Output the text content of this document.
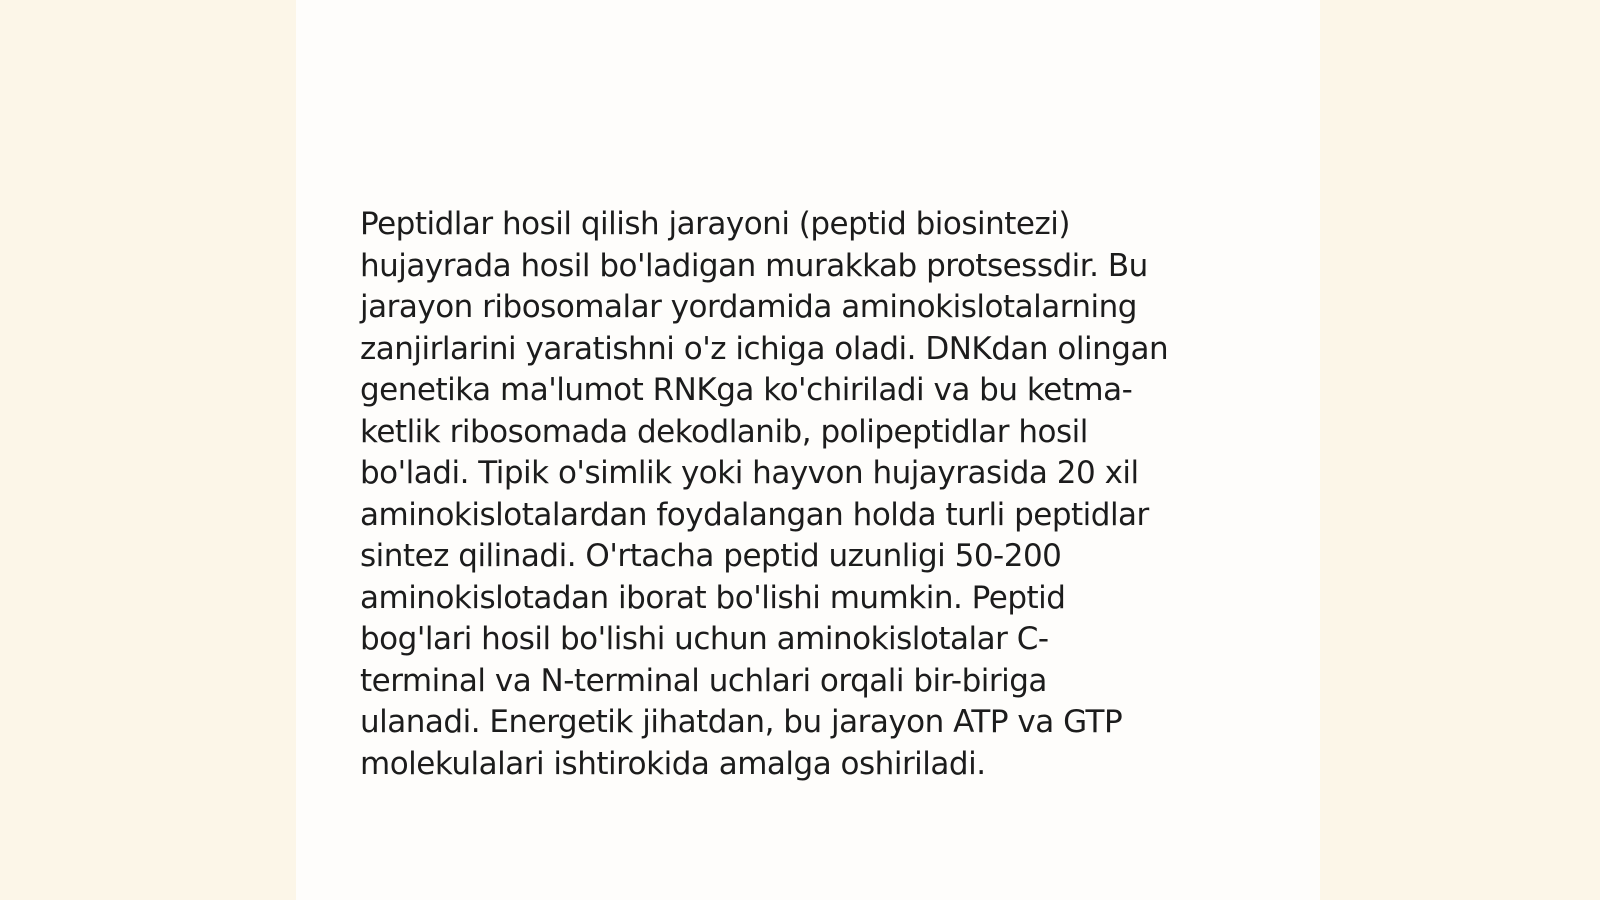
Peptidlar hosil qilish jarayoni (peptid biosintezi)
hujayrada hosil bo'ladigan murakkab protsessdir. Bu
jarayon ribosomalar yordamida aminokislotalarning
zanjirlarini yaratishni o'z ichiga oladi. DNKdan olingan
genetika ma'lumot RNKga ko'chiriladi va bu ketma-
ketlik ribosomada dekodlanib, polipeptidlar hosil
bo'ladi. Tipik o'simlik yoki hayvon hujayrasida 20 xil
aminokislotalardan foydalangan holda turli peptidlar
sintez qilinadi. O'rtacha peptid uzunligi 50-200
aminokislotadan iborat bo'lishi mumkin. Peptid
bog'lari hosil bo'lishi uchun aminokislotalar C-
terminal va N-terminal uchlari orqali bir-biriga
ulanadi. Energetik jihatdan, bu jarayon ATP va GTP
molekulalari ishtirokida amalga oshiriladi.
